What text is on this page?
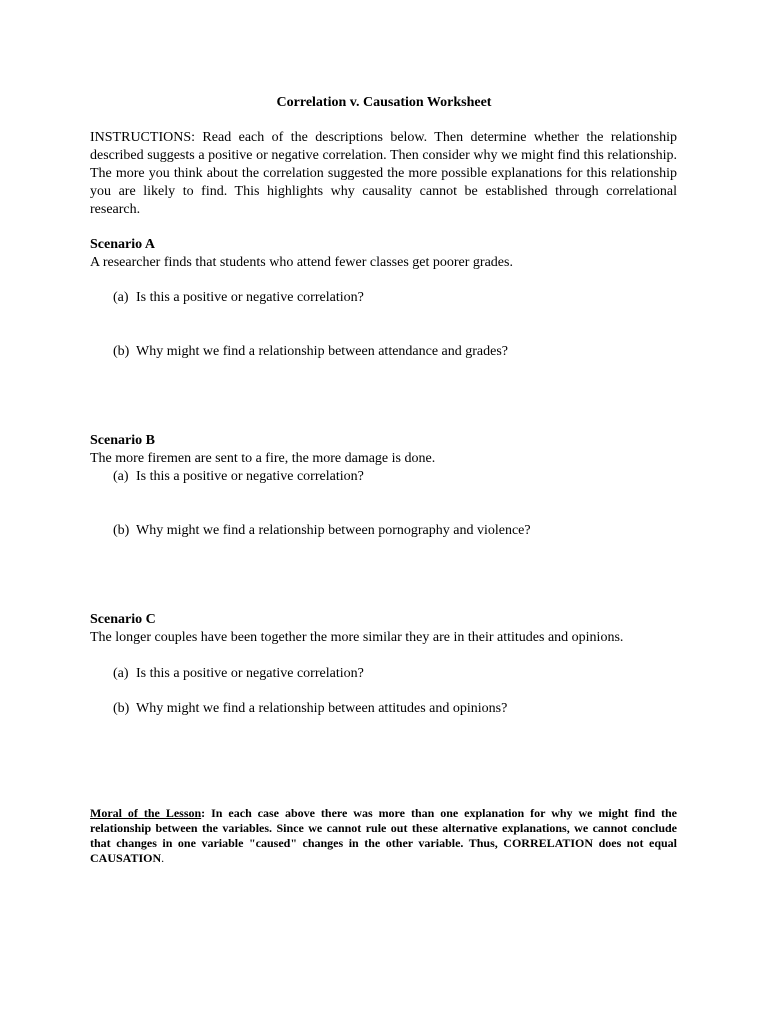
Correlation v. Causation Worksheet
INSTRUCTIONS: Read each of the descriptions below. Then determine whether the relationship described suggests a positive or negative correlation. Then consider why we might find this relationship. The more you think about the correlation suggested the more possible explanations for this relationship you are likely to find. This highlights why causality cannot be established through correlational research.
Scenario A
A researcher finds that students who attend fewer classes get poorer grades.
(a) Is this a positive or negative correlation?
(b) Why might we find a relationship between attendance and grades?
Scenario B
The more firemen are sent to a fire, the more damage is done.
(a) Is this a positive or negative correlation?
(b) Why might we find a relationship between pornography and violence?
Scenario C
The longer couples have been together the more similar they are in their attitudes and opinions.
(a) Is this a positive or negative correlation?
(b) Why might we find a relationship between attitudes and opinions?
Moral of the Lesson: In each case above there was more than one explanation for why we might find the relationship between the variables. Since we cannot rule out these alternative explanations, we cannot conclude that changes in one variable "caused" changes in the other variable. Thus, CORRELATION does not equal CAUSATION.
